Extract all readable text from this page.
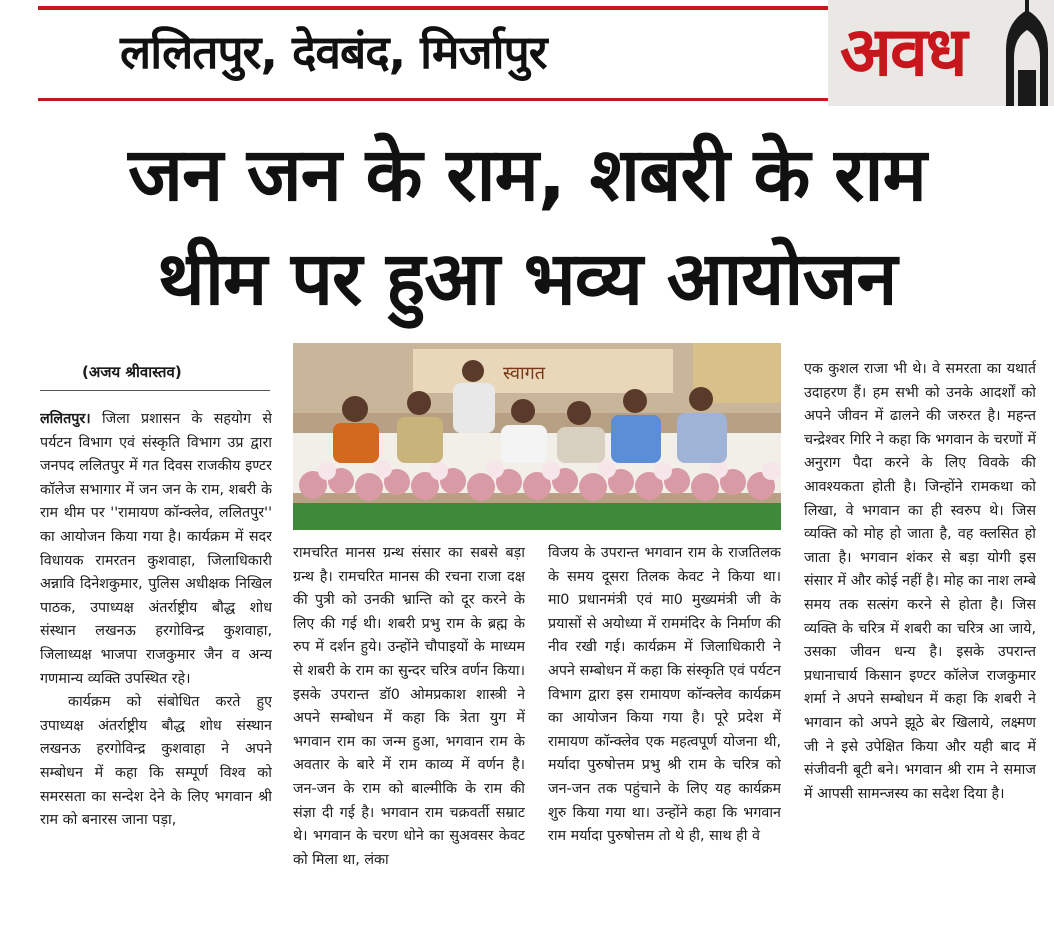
ललितपुर, देवबंद, मिर्जापुर	अवध
जन जन के राम, शबरी के राम
थीम पर हुआ भव्य आयोजन
(अजय श्रीवास्तव)

ललितपुर। जिला प्रशासन के सहयोग से पर्यटन विभाग एवं संस्कृति विभाग उप्र द्वारा जनपद ललितपुर में गत दिवस राजकीय इण्टर कॉलेज सभागार में जन जन के राम, शबरी के राम थीम पर ''रामायण कॉन्क्लेव, ललितपुर'' का आयोजन किया गया है। कार्यक्रम में सदर विधायक रामरतन कुशवाहा, जिलाधिकारी अन्नावि दिनेशकुमार, पुलिस अधीक्षक निखिल पाठक, उपाध्यक्ष अंतर्राष्ट्रीय बौद्ध शोध संस्थान लखनऊ हरगोविन्द्र कुशवाहा, जिलाध्यक्ष भाजपा राजकुमार जैन व अन्य गणमान्य व्यक्ति उपस्थित रहे।

कार्यक्रम को संबोधित करते हुए उपाध्यक्ष अंतर्राष्ट्रीय बौद्ध शोध संस्थान लखनऊ हरगोविन्द्र कुशवाहा ने अपने सम्बोधन में कहा कि सम्पूर्ण विश्व को समरसता का सन्देश देने के लिए भगवान श्री राम को बनारस जाना पड़ा,

स्वागत

रामचरित मानस ग्रन्थ संसार का सबसे बड़ा ग्रन्थ है। रामचरित मानस की रचना राजा दक्ष की पुत्री को उनकी भ्रान्ति को दूर करने के लिए की गई थी। शबरी प्रभु राम के ब्रह्म के रुप में दर्शन हुये। उन्होंने चौपाइयों के माध्यम से शबरी के राम का सुन्दर चरित्र वर्णन किया। इसके उपरान्त डॉ0 ओमप्रकाश शास्त्री ने अपने सम्बोधन में कहा कि त्रेता युग में भगवान राम का जन्म हुआ, भगवान राम के अवतार के बारे में राम काव्य में वर्णन है। जन-जन के राम को बाल्मीकि के राम की संज्ञा दी गई है। भगवान राम चक्रवर्ती सम्राट थे। भगवान के चरण धोने का सुअवसर केवट को मिला था, लंका

विजय के उपरान्त भगवान राम के राजतिलक के समय दूसरा तिलक केवट ने किया था। मा0 प्रधानमंत्री एवं मा0 मुख्यमंत्री जी के प्रयासों से अयोध्या में राममंदिर के निर्माण की नीव रखी गई। कार्यक्रम में जिलाधिकारी ने अपने सम्बोधन में कहा कि संस्कृति एवं पर्यटन विभाग द्वारा इस रामायण कॉन्क्लेव कार्यक्रम का आयोजन किया गया है। पूरे प्रदेश में रामायण कॉन्क्लेव एक महत्वपूर्ण योजना थी, मर्यादा पुरुषोत्तम प्रभु श्री राम के चरित्र को जन-जन तक पहुंचाने के लिए यह कार्यक्रम शुरु किया गया था। उन्होंने कहा कि भगवान राम मर्यादा पुरुषोत्तम तो थे ही, साथ ही वे

एक कुशल राजा भी थे। वे समरता का यथार्त उदाहरण हैं। हम सभी को उनके आदर्शों को अपने जीवन में ढालने की जरुरत है। महन्त चन्द्रेश्वर गिरि ने कहा कि भगवान के चरणों में अनुराग पैदा करने के लिए विवके की आवश्यकता होती है। जिन्होंने रामकथा को लिखा, वे भगवान का ही स्वरुप थे। जिस व्यक्ति को मोह हो जाता है, वह क्लसित हो जाता है। भगवान शंकर से बड़ा योगी इस संसार में और कोई नहीं है। मोह का नाश लम्बे समय तक सत्संग करने से होता है। जिस व्यक्ति के चरित्र में शबरी का चरित्र आ जाये, उसका जीवन धन्य है। इसके उपरान्त प्रधानाचार्य किसान इण्टर कॉलेज राजकुमार शर्मा ने अपने सम्बोधन में कहा कि शबरी ने भगवान को अपने झूठे बेर खिलाये, लक्ष्मण जी ने इसे उपेक्षित किया और यही बाद में संजीवनी बूटी बने। भगवान श्री राम ने समाज में आपसी सामन्जस्य का सदेश दिया है।
